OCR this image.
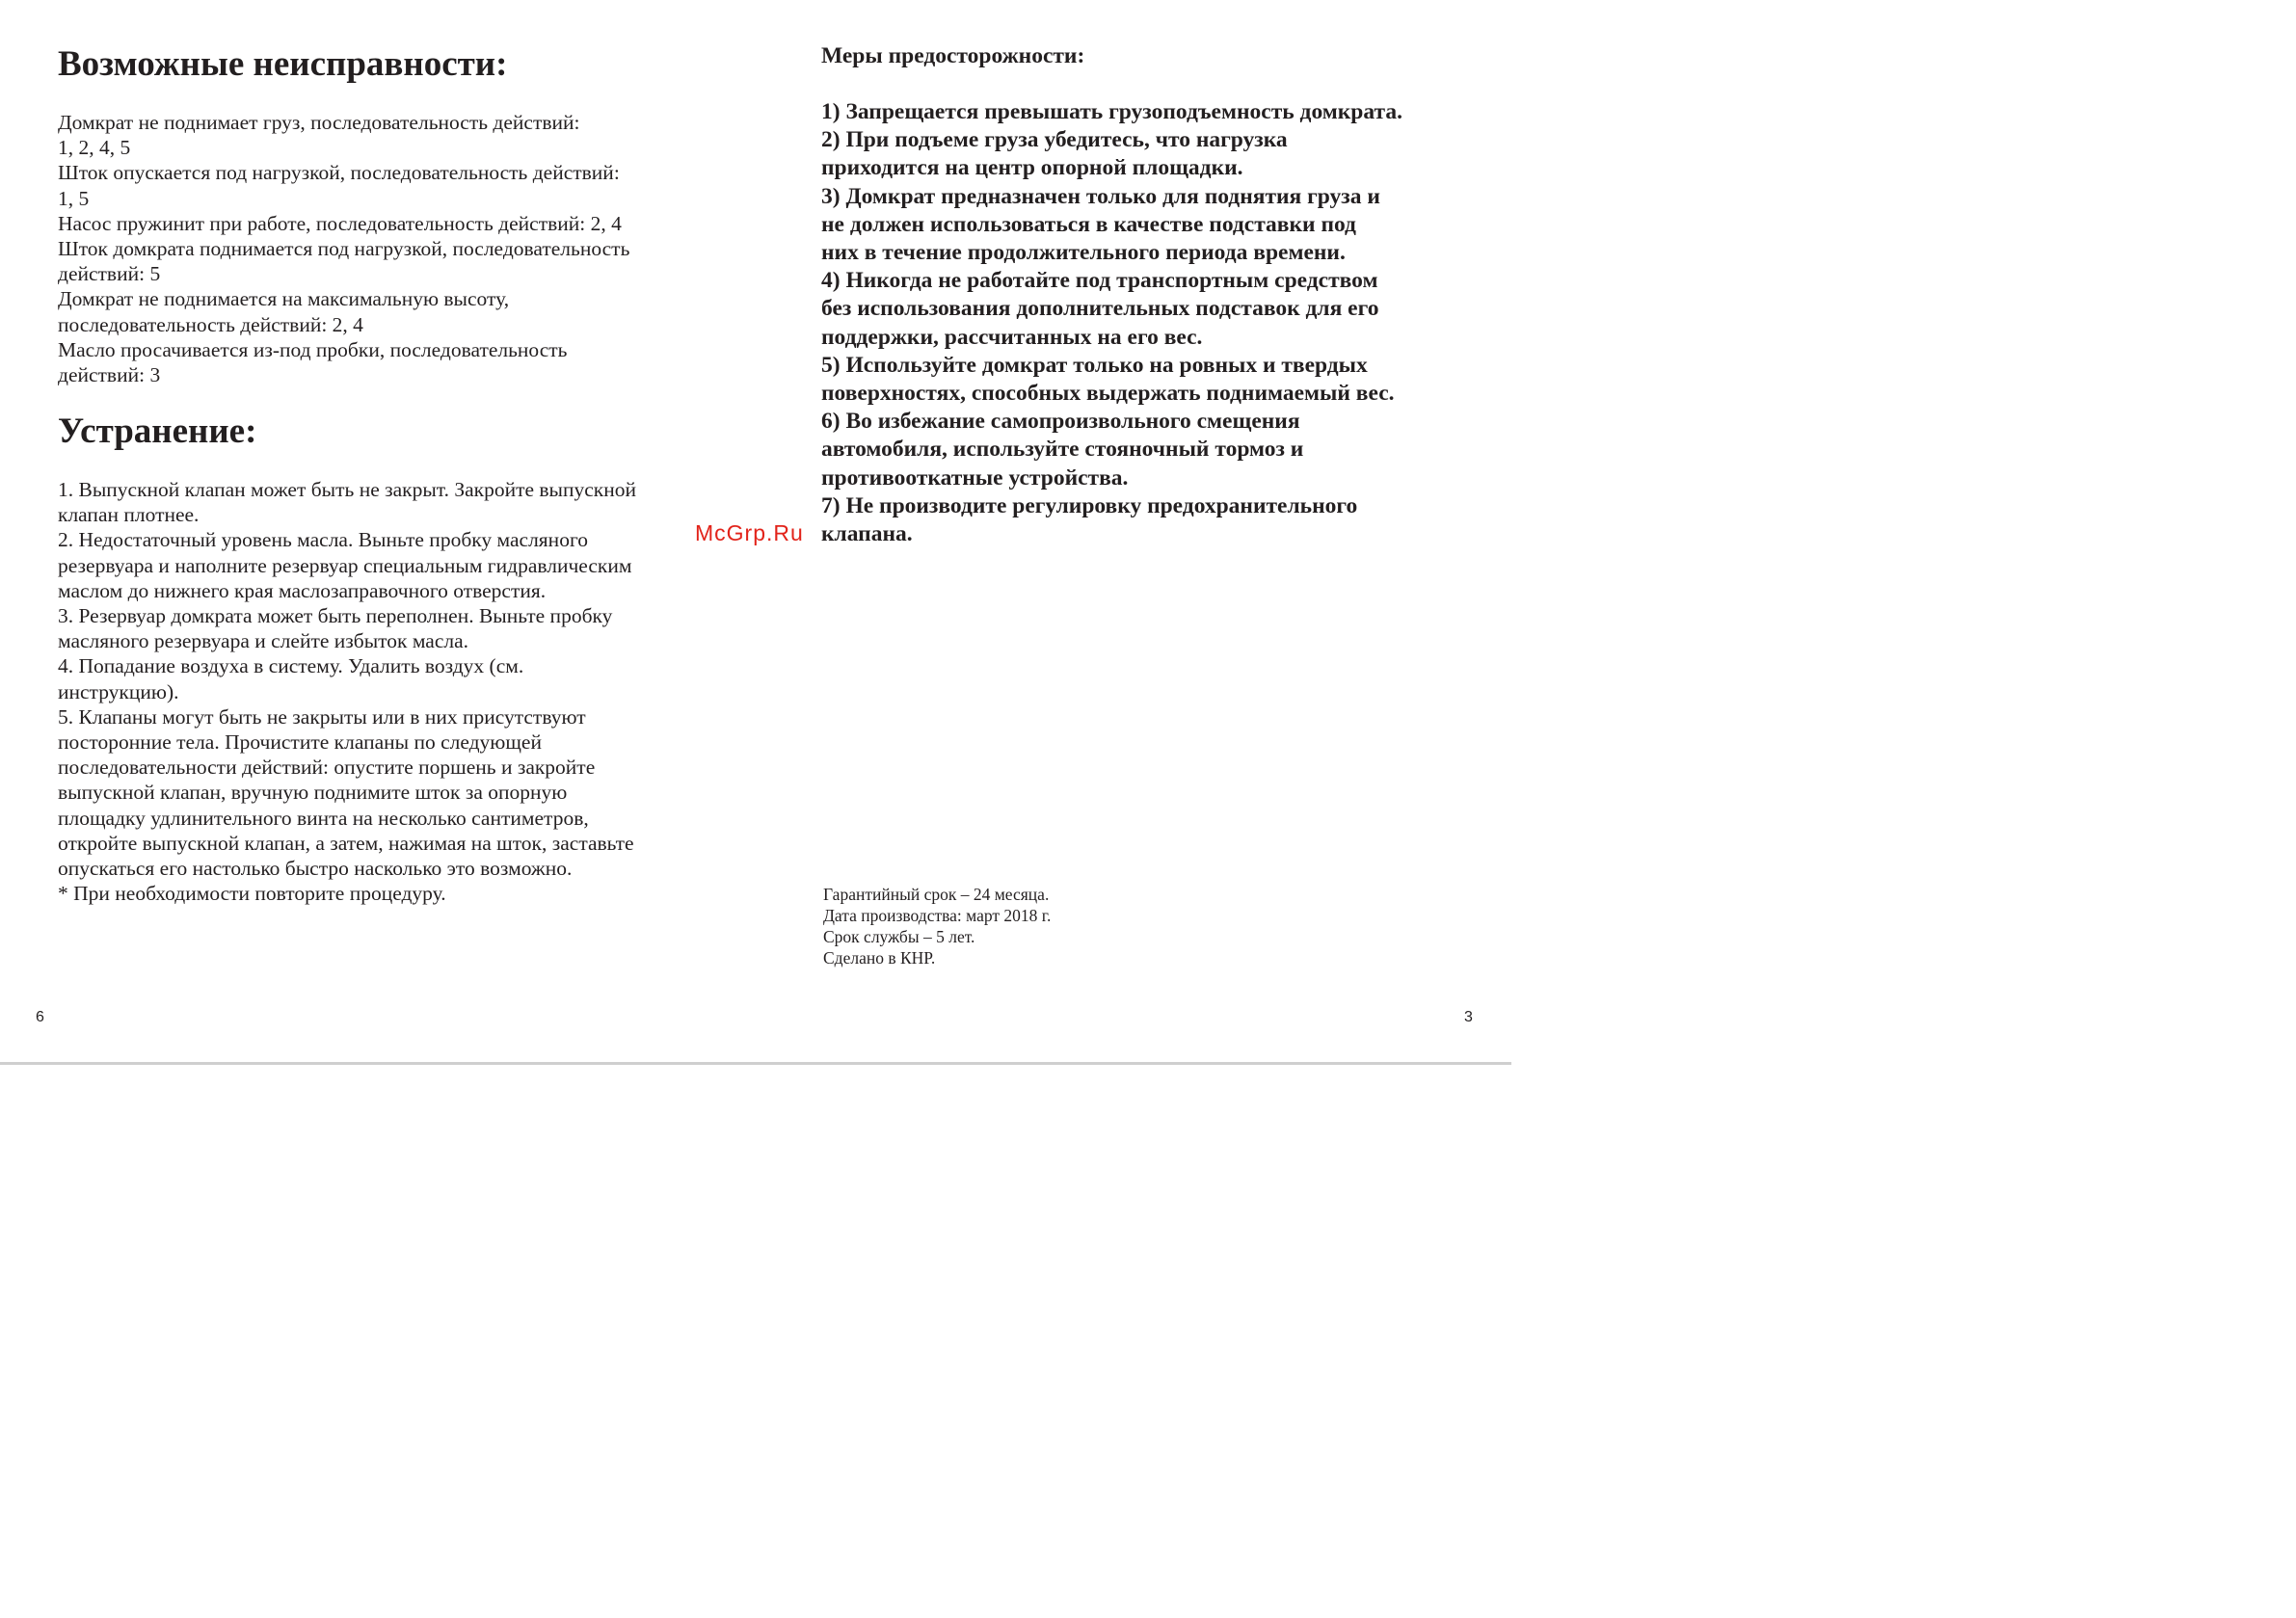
Возможные неисправности:
Домкрат не поднимает груз, последовательность действий:
1, 2, 4, 5
Шток опускается под нагрузкой, последовательность действий:
1, 5
Насос пружинит при работе, последовательность действий: 2, 4
Шток домкрата поднимается под нагрузкой, последовательность
действий: 5
Домкрат не поднимается на максимальную высоту,
последовательность действий: 2, 4
Масло просачивается из-под пробки, последовательность
действий: 3
Устранение:
1. Выпускной клапан может быть не закрыт. Закройте выпускной
клапан плотнее.
2. Недостаточный уровень масла. Выньте пробку масляного
резервуара и наполните резервуар специальным гидравлическим
маслом до нижнего края маслозаправочного отверстия.
3. Резервуар домкрата может быть переполнен. Выньте пробку
масляного резервуара и слейте избыток масла.
4. Попадание воздуха в систему. Удалить воздух (см.
инструкцию).
5. Клапаны могут быть не закрыты или в них присутствуют
посторонние тела. Прочистите клапаны по следующей
последовательности действий: опустите поршень и закройте
выпускной клапан, вручную поднимите шток за опорную
площадку удлинительного винта на несколько сантиметров,
откройте выпускной клапан, а затем, нажимая на шток, заставьте
опускаться его настолько быстро насколько это возможно.
* При необходимости повторите процедуру.
6
McGrp.Ru
Меры предосторожности:
1) Запрещается превышать грузоподъемность домкрата.
2) При подъеме груза убедитесь, что нагрузка
приходится на центр опорной площадки.
3) Домкрат предназначен только для поднятия груза и
не должен использоваться в качестве подставки под
них в течение продолжительного периода времени.
4) Никогда не работайте под транспортным средством
без использования дополнительных подставок для его
поддержки, рассчитанных на его вес.
5) Используйте домкрат только на ровных и твердых
поверхностях, способных выдержать поднимаемый вес.
6) Во избежание самопроизвольного смещения
автомобиля, используйте стояночный тормоз и
противооткатные устройства.
7) Не производите регулировку предохранительного
клапана.
Гарантийный срок – 24 месяца.
Дата производства: март 2018 г.
Срок службы – 5 лет.
Сделано в КНР.
3
